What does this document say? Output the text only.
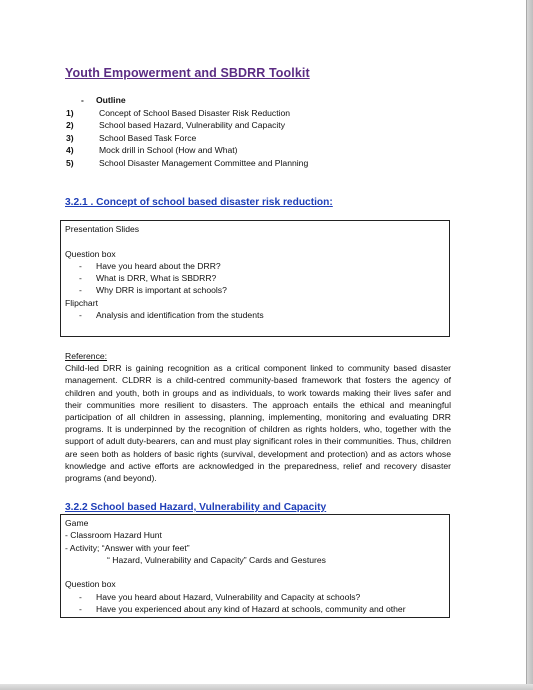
Youth Empowerment and SBDRR Toolkit
- Outline
1)	Concept of School Based Disaster Risk Reduction
2)	School based Hazard, Vulnerability and Capacity
3)	School Based Task Force
4)	Mock drill in School (How and What)
5)	School Disaster Management Committee and Planning
3.2.1 . Concept of school based disaster risk reduction:
Presentation Slides
Question box
-	Have you heard about the DRR?
-	What is DRR, What is SBDRR?
-	Why DRR is important at schools?
Flipchart
-	Analysis and identification from the students
Reference:
Child-led DRR is gaining recognition as a critical component linked to community based disaster management. CLDRR is a child-centred community-based framework that fosters the agency of children and youth, both in groups and as individuals, to work towards making their lives safer and their communities more resilient to disasters. The approach entails the ethical and meaningful participation of all children in assessing, planning, implementing, monitoring and evaluating DRR programs. It is underpinned by the recognition of children as rights holders, who, together with the support of adult duty-bearers, can and must play significant roles in their communities. Thus, children are seen both as holders of basic rights (survival, development and protection) and as actors whose knowledge and active efforts are acknowledged in the preparedness, relief and recovery disaster programs (and beyond).
3.2.2 School based Hazard, Vulnerability and Capacity
Game
- Classroom Hazard Hunt
- Activity; “Answer with your feet”
“ Hazard, Vulnerability and Capacity” Cards and Gestures
Question box
-	Have you heard about Hazard, Vulnerability and Capacity at schools?
-	Have you experienced about any kind of Hazard at schools, community and other
